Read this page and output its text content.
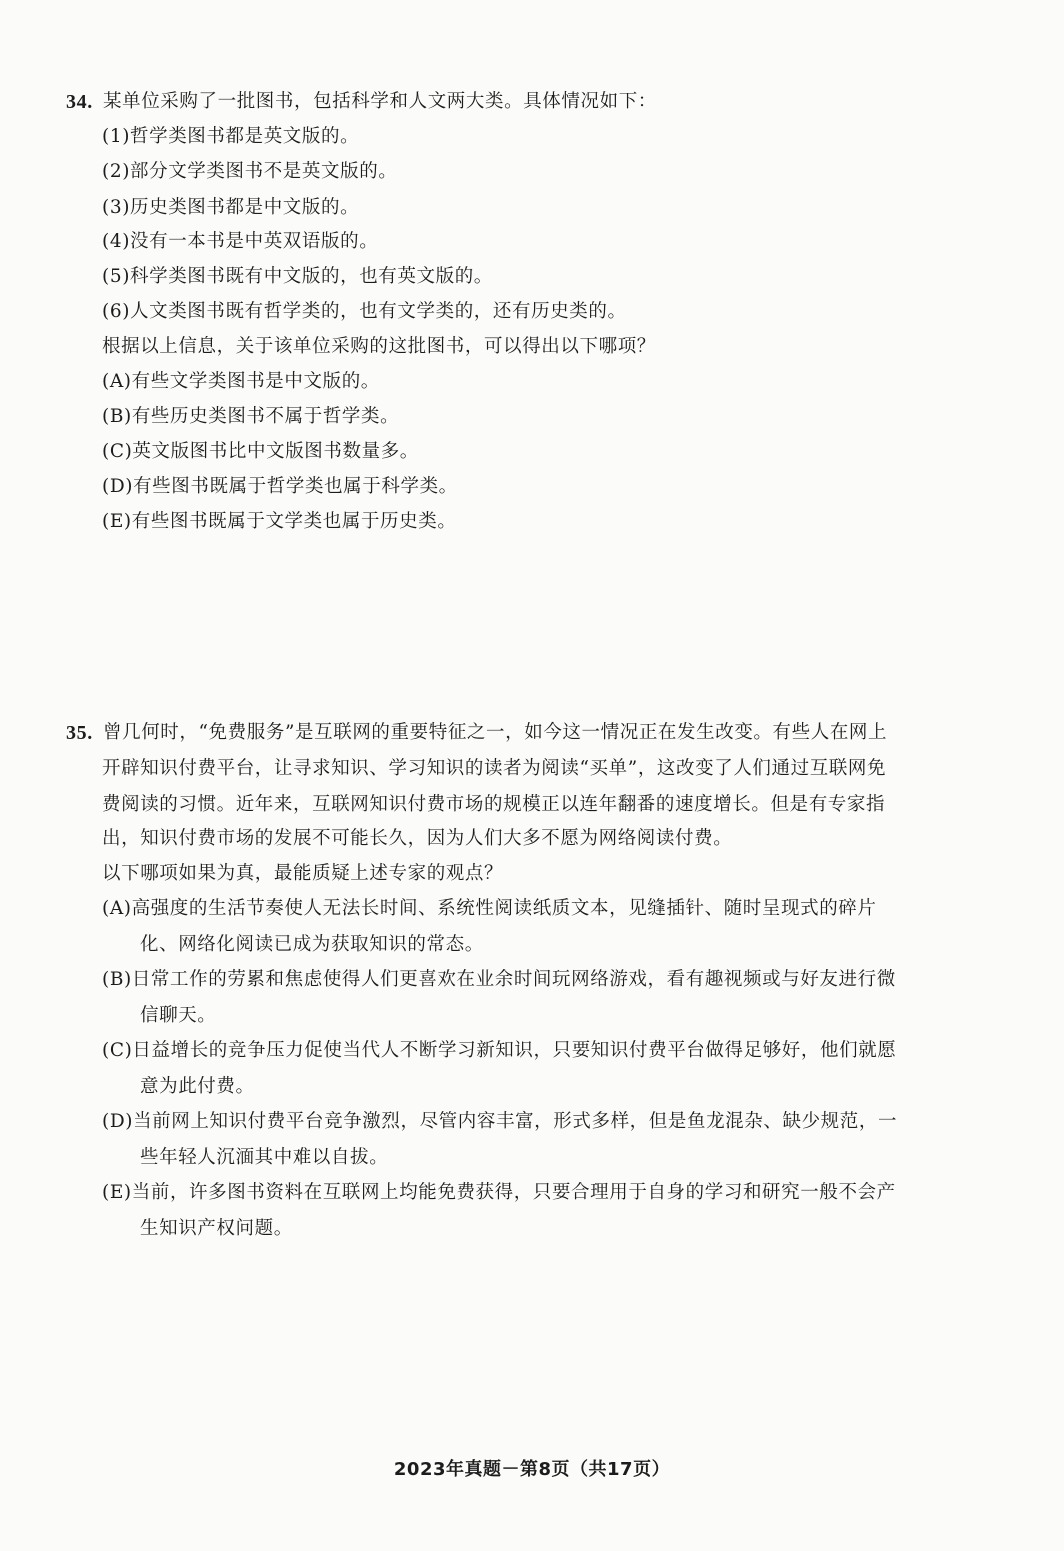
34. 某单位采购了一批图书，包括科学和人文两大类。具体情况如下：
(1)哲学类图书都是英文版的。
(2)部分文学类图书不是英文版的。
(3)历史类图书都是中文版的。
(4)没有一本书是中英双语版的。
(5)科学类图书既有中文版的，也有英文版的。
(6)人文类图书既有哲学类的，也有文学类的，还有历史类的。
根据以上信息，关于该单位采购的这批图书，可以得出以下哪项？
(A)有些文学类图书是中文版的。
(B)有些历史类图书不属于哲学类。
(C)英文版图书比中文版图书数量多。
(D)有些图书既属于哲学类也属于科学类。
(E)有些图书既属于文学类也属于历史类。
35. 曾几何时，“免费服务”是互联网的重要特征之一，如今这一情况正在发生改变。有些人在网上
开辟知识付费平台，让寻求知识、学习知识的读者为阅读“买单”，这改变了人们通过互联网免
费阅读的习惯。近年来，互联网知识付费市场的规模正以连年翻番的速度增长。但是有专家指
出，知识付费市场的发展不可能长久，因为人们大多不愿为网络阅读付费。
以下哪项如果为真，最能质疑上述专家的观点？
(A)高强度的生活节奏使人无法长时间、系统性阅读纸质文本，见缝插针、随时呈现式的碎片
化、网络化阅读已成为获取知识的常态。
(B)日常工作的劳累和焦虑使得人们更喜欢在业余时间玩网络游戏，看有趣视频或与好友进行微
信聊天。
(C)日益增长的竞争压力促使当代人不断学习新知识，只要知识付费平台做得足够好，他们就愿
意为此付费。
(D)当前网上知识付费平台竞争激烈，尽管内容丰富，形式多样，但是鱼龙混杂、缺少规范，一
些年轻人沉湎其中难以自拔。
(E)当前，许多图书资料在互联网上均能免费获得，只要合理用于自身的学习和研究一般不会产
生知识产权问题。
2023年真题－第8页（共17页）
